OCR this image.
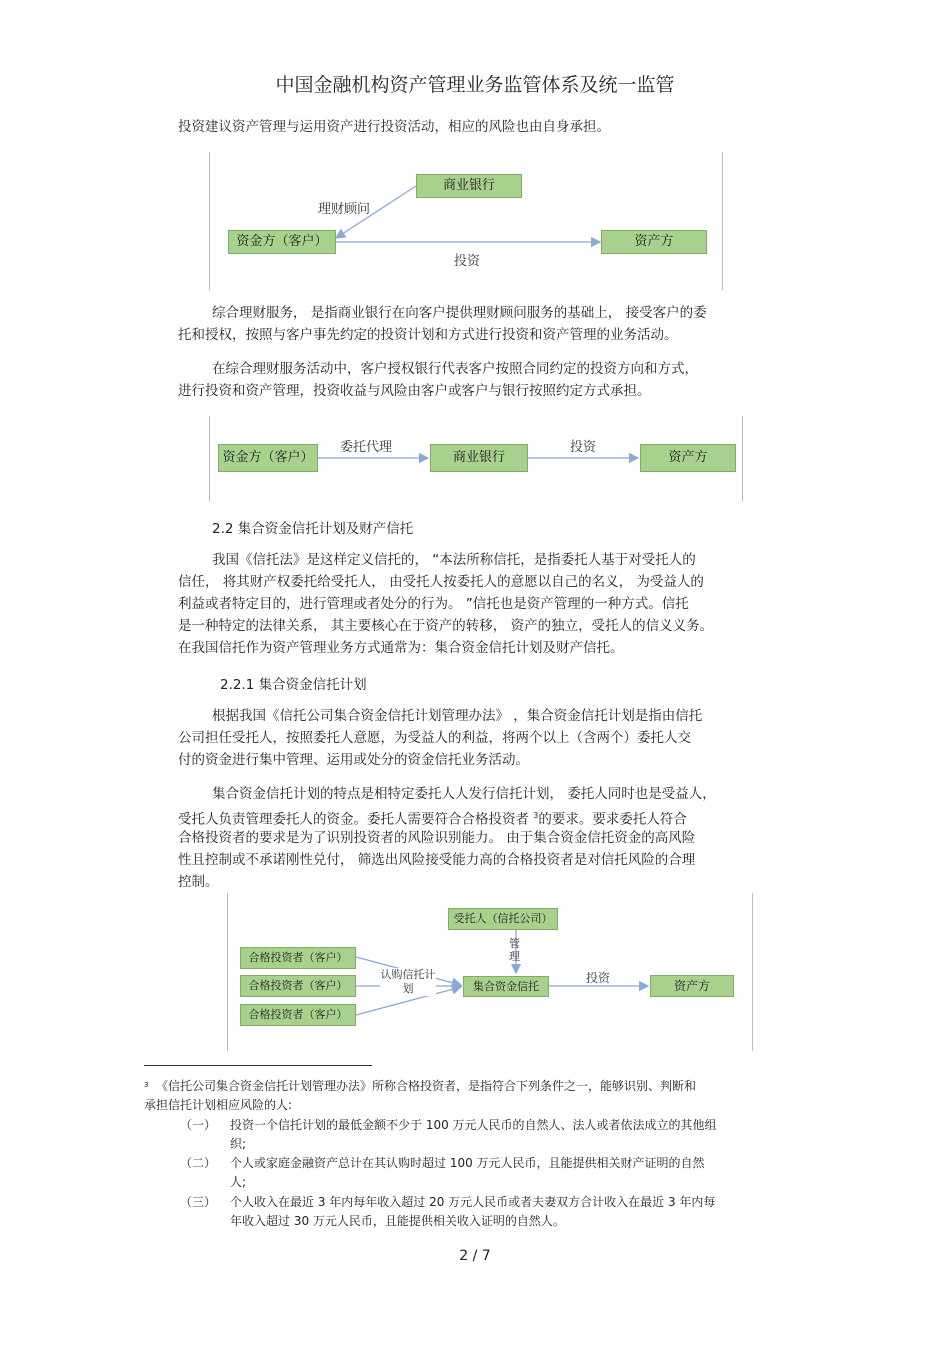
中国金融机构资产管理业务监管体系及统一监管
投资建议资产管理与运用资产进行投资活动，相应的风险也由自身承担。
商业银行
资金方（客户）	资产方
理财顾问
投资
综合理财服务， 是指商业银行在向客户提供理财顾问服务的基础上， 接受客户的委
托和授权，按照与客户事先约定的投资计划和方式进行投资和资产管理的业务活动。
在综合理财服务活动中，客户授权银行代表客户按照合同约定的投资方向和方式，
进行投资和资产管理，投资收益与风险由客户或客户与银行按照约定方式承担。
资金方（客户）	商业银行	资产方
委托代理	投资
2.2 集合资金信托计划及财产信托
我国《信托法》是这样定义信托的， “本法所称信托，是指委托人基于对受托人的
信任， 将其财产权委托给受托人， 由受托人按委托人的意愿以自己的名义， 为受益人的
利益或者特定目的，进行管理或者处分的行为。 ”信托也是资产管理的一种方式。信托
是一种特定的法律关系， 其主要核心在于资产的转移， 资产的独立，受托人的信义义务。
在我国信托作为资产管理业务方式通常为：集合资金信托计划及财产信托。
2.2.1 集合资金信托计划
根据我国《信托公司集合资金信托计划管理办法》 ，集合资金信托计划是指由信托
公司担任受托人，按照委托人意愿，为受益人的利益，将两个以上（含两个）委托人交
付的资金进行集中管理、运用或处分的资金信托业务活动。
集合资金信托计划的特点是相特定委托人人发行信托计划， 委托人同时也是受益人，
受托人负责管理委托人的资金。委托人需要符合合格投资者 $^3$的要求。要求委托人符合
合格投资者的要求是为了识别投资者的风险识别能力。 由于集合资金信托资金的高风险
性且控制或不承诺刚性兑付， 筛选出风险接受能力高的合格投资者是对信托风险的合理
控制。
受托人（信托公司）
管理
合格投资者（客户）
合格投资者（客户）
合格投资者（客户）
认购信托计划	集合资金信托
投资
资产方
3 《信托公司集合资金信托计划管理办法》所称合格投资者，是指符合下列条件之一，能够识别、判断和
承担信托计划相应风险的人:
（一） 投资一个信托计划的最低金额不少于 100 万元人民币的自然人、法人或者依法成立的其他组
织;
（二） 个人或家庭金融资产总计在其认购时超过 100 万元人民币，且能提供相关财产证明的自然
人;
（三） 个人收入在最近 3 年内每年收入超过 20 万元人民币或者夫妻双方合计收入在最近 3 年内每
年收入超过 30 万元人民币，且能提供相关收入证明的自然人。
2 / 7
